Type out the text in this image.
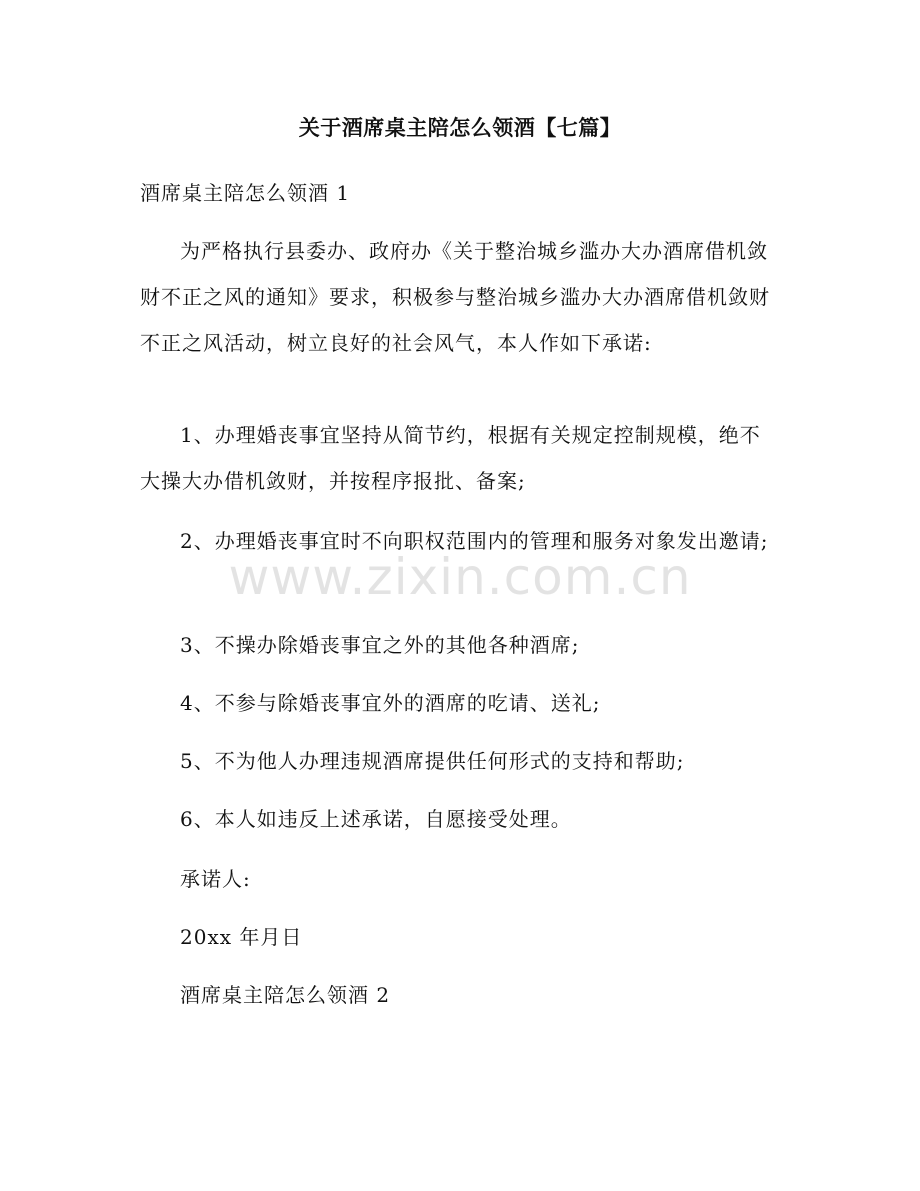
关于酒席桌主陪怎么领酒【七篇】

酒席桌主陪怎么领酒 1

为严格执行县委办、政府办《关于整治城乡滥办大办酒席借机敛财不正之风的通知》要求，积极参与整治城乡滥办大办酒席借机敛财不正之风活动，树立良好的社会风气，本人作如下承诺:

1、办理婚丧事宜坚持从简节约，根据有关规定控制规模，绝不大操大办借机敛财，并按程序报批、备案;

2、办理婚丧事宜时不向职权范围内的管理和服务对象发出邀请;

3、不操办除婚丧事宜之外的其他各种酒席;

4、不参与除婚丧事宜外的酒席的吃请、送礼;

5、不为他人办理违规酒席提供任何形式的支持和帮助;

6、本人如违反上述承诺，自愿接受处理。

承诺人:

20xx 年月日

酒席桌主陪怎么领酒 2

www.zixin.com.cn
